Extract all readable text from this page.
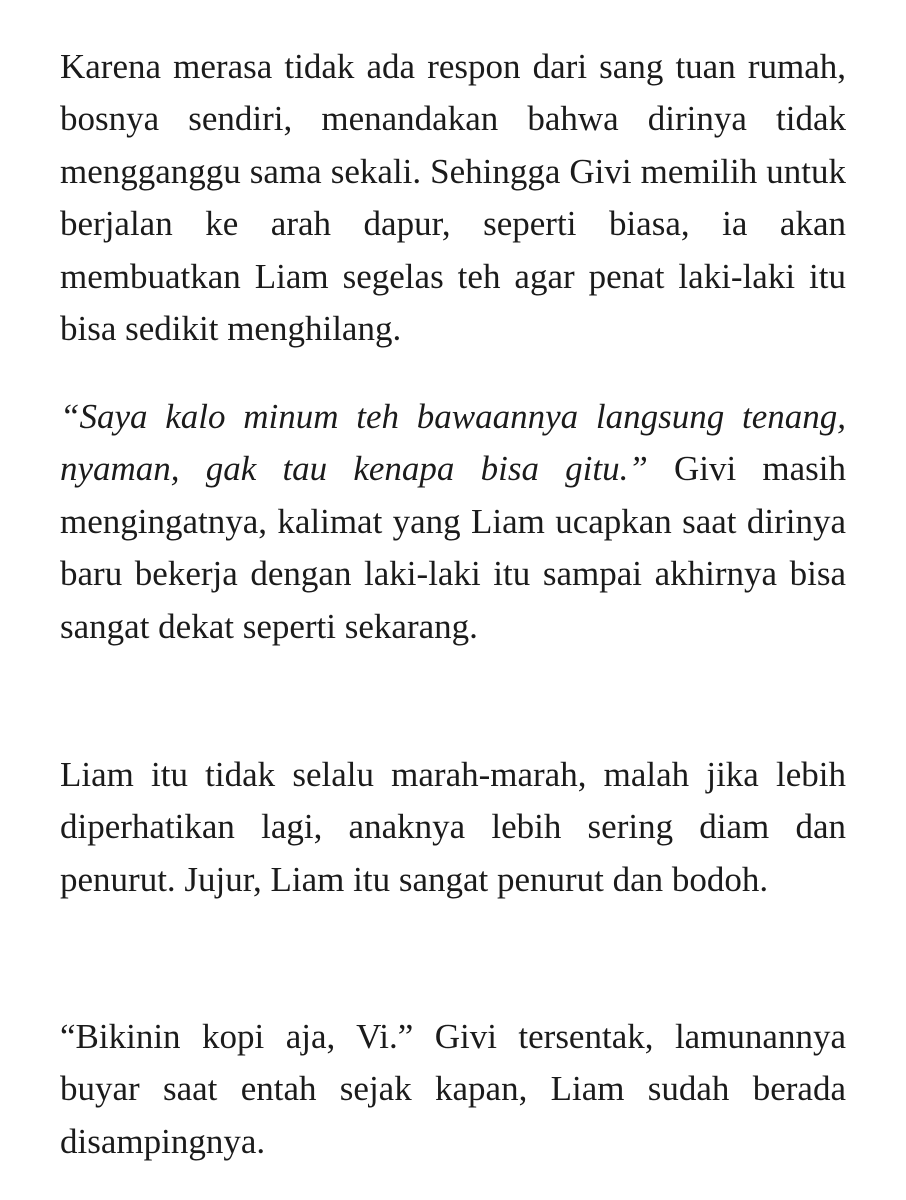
Karena merasa tidak ada respon dari sang tuan rumah, bosnya sendiri, menandakan bahwa dirinya tidak mengganggu sama sekali. Sehingga Givi memilih untuk berjalan ke arah dapur, seperti biasa, ia akan membuatkan Liam segelas teh agar penat laki-laki itu bisa sedikit menghilang.

“Saya kalo minum teh bawaannya langsung tenang, nyaman, gak tau kenapa bisa gitu.” Givi masih mengingatnya, kalimat yang Liam ucapkan saat dirinya baru bekerja dengan laki-laki itu sampai akhirnya bisa sangat dekat seperti sekarang.

Liam itu tidak selalu marah-marah, malah jika lebih diperhatikan lagi, anaknya lebih sering diam dan penurut. Jujur, Liam itu sangat penurut dan bodoh.

“Bikinin kopi aja, Vi.” Givi tersentak, lamunannya buyar saat entah sejak kapan, Liam sudah berada disampingnya.
